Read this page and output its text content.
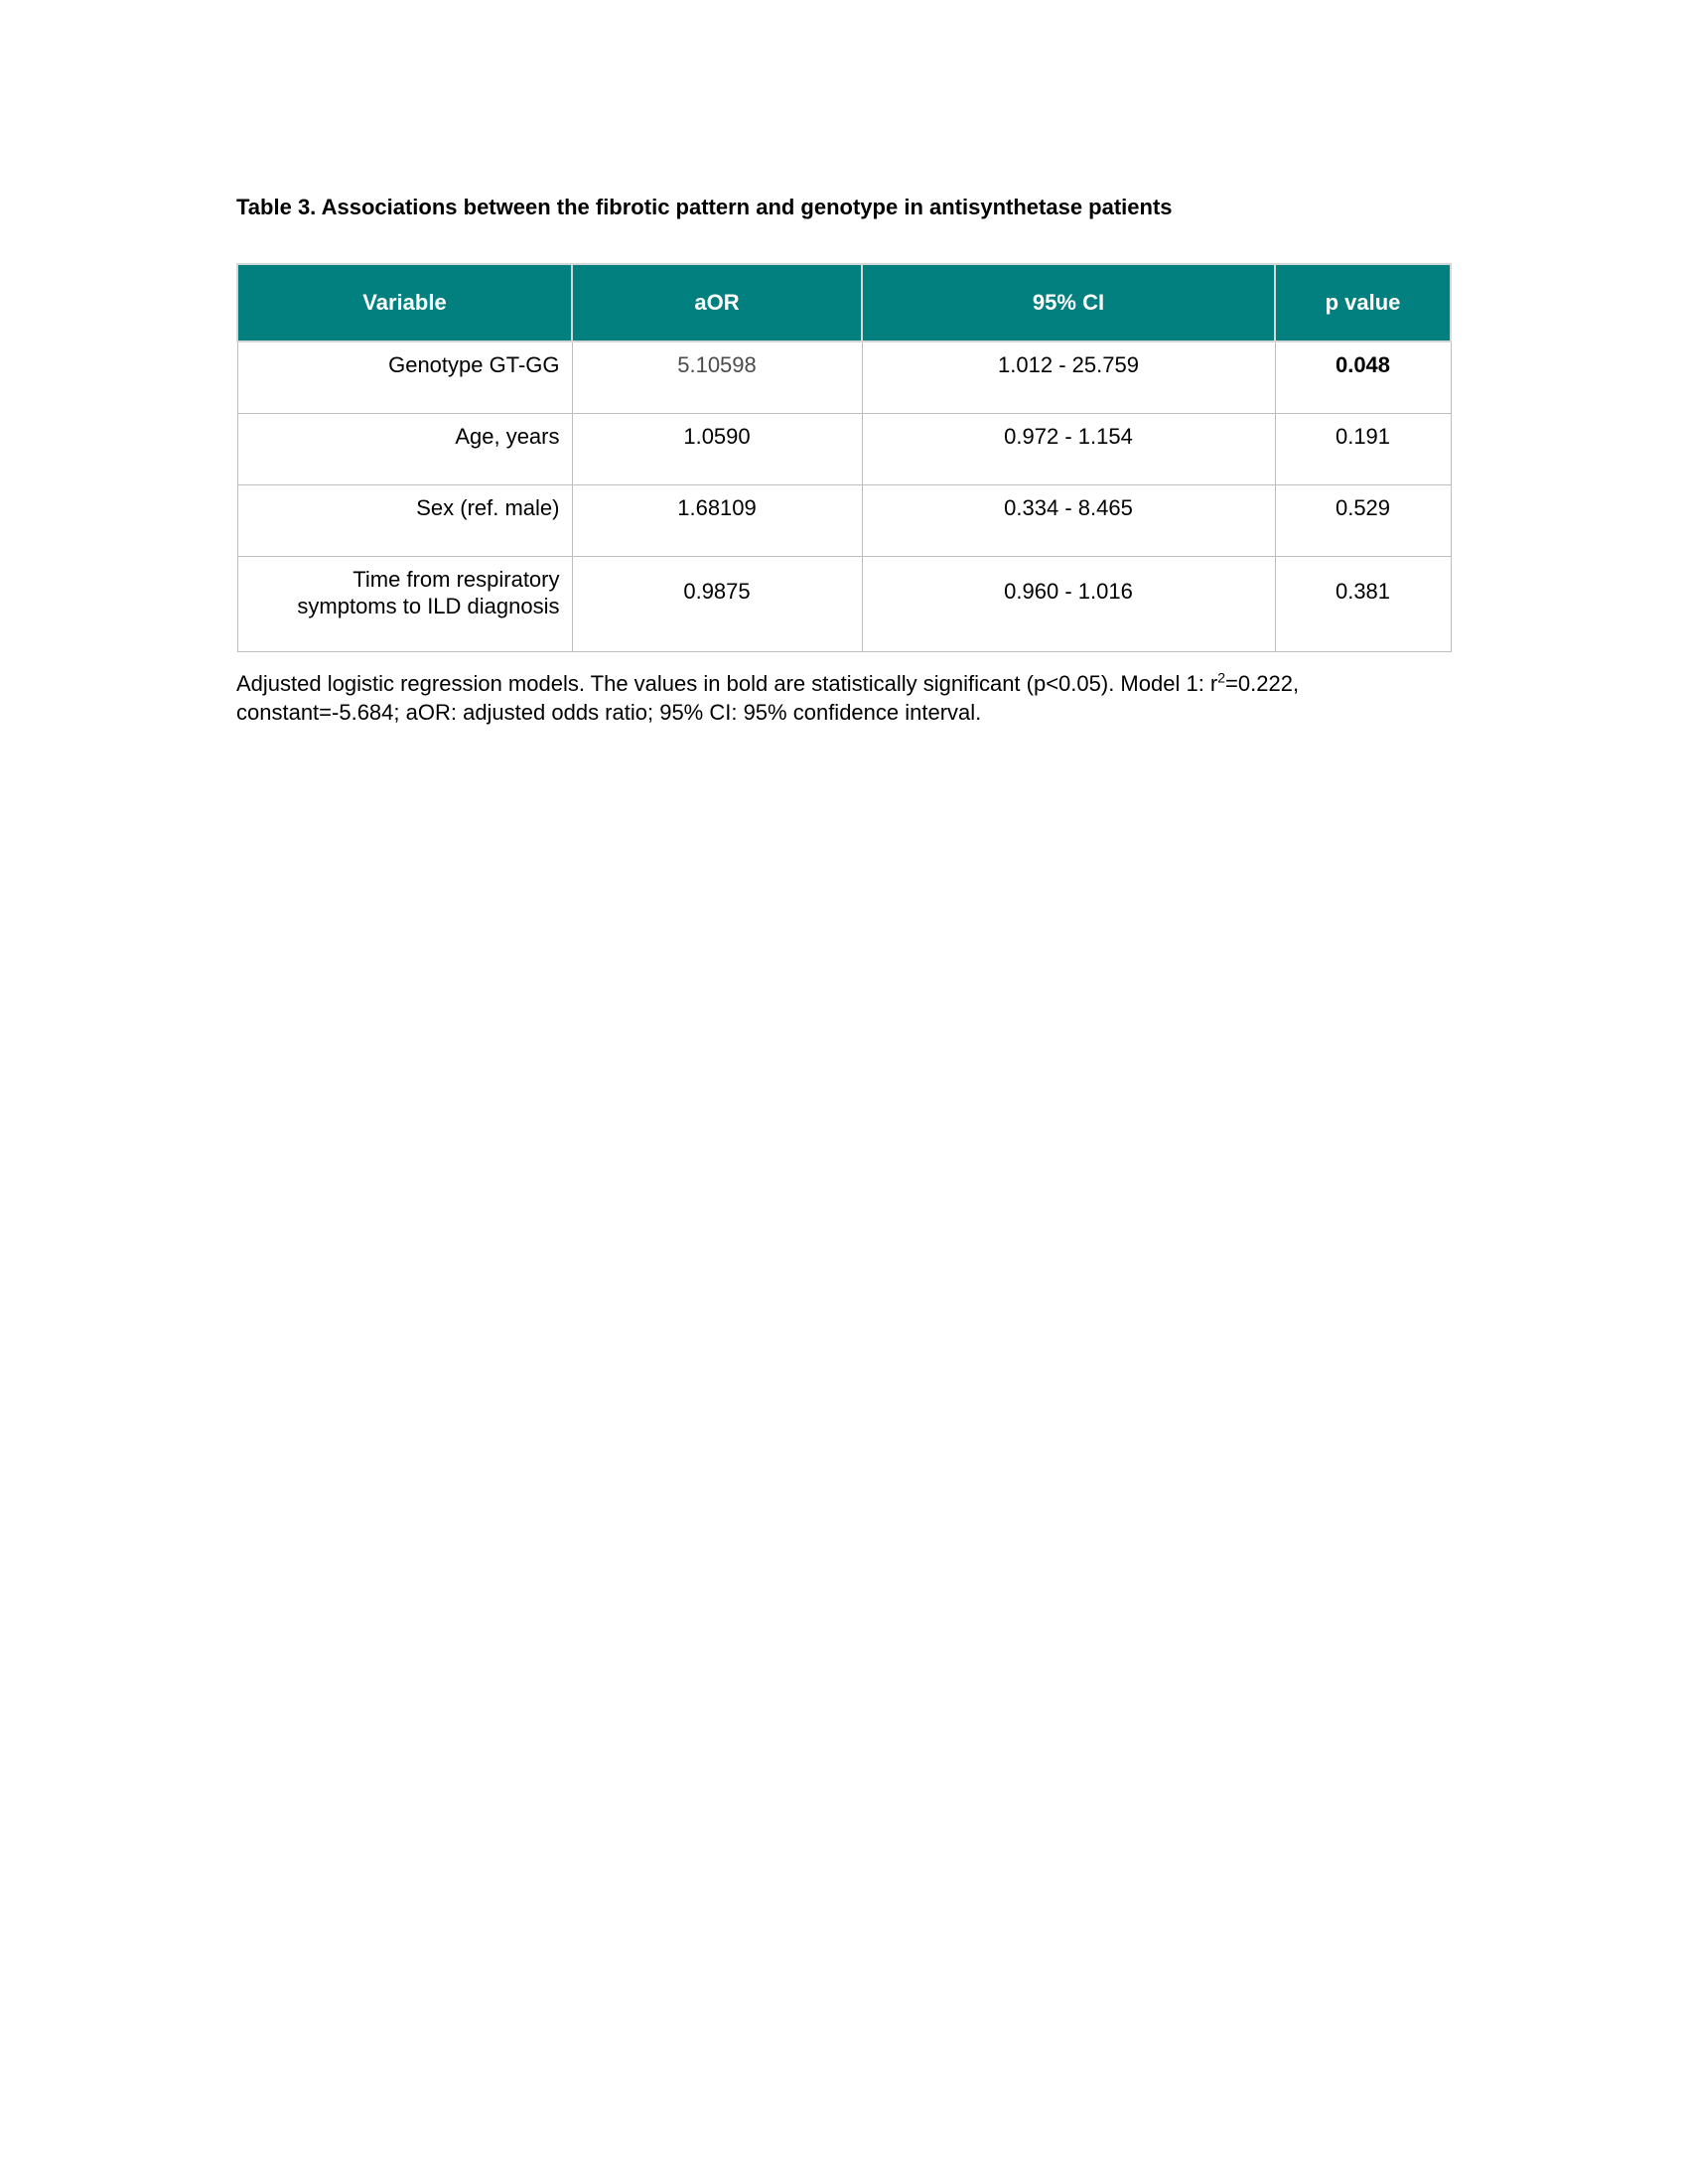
Table 3. Associations between the fibrotic pattern and genotype in antisynthetase patients
Variable	aOR	95% CI	p value
Genotype GT-GG	5.10598	1.012 - 25.759	0.048
Age, years	1.0590	0.972 - 1.154	0.191
Sex (ref. male)	1.68109	0.334 - 8.465	0.529
Time from respiratory symptoms to ILD diagnosis	0.9875	0.960 - 1.016	0.381

Adjusted logistic regression models. The values in bold are statistically significant (p<0.05). Model 1: $r^2=0.222$, constant=-5.684; aOR: adjusted odds ratio; 95% CI: 95% confidence interval.
